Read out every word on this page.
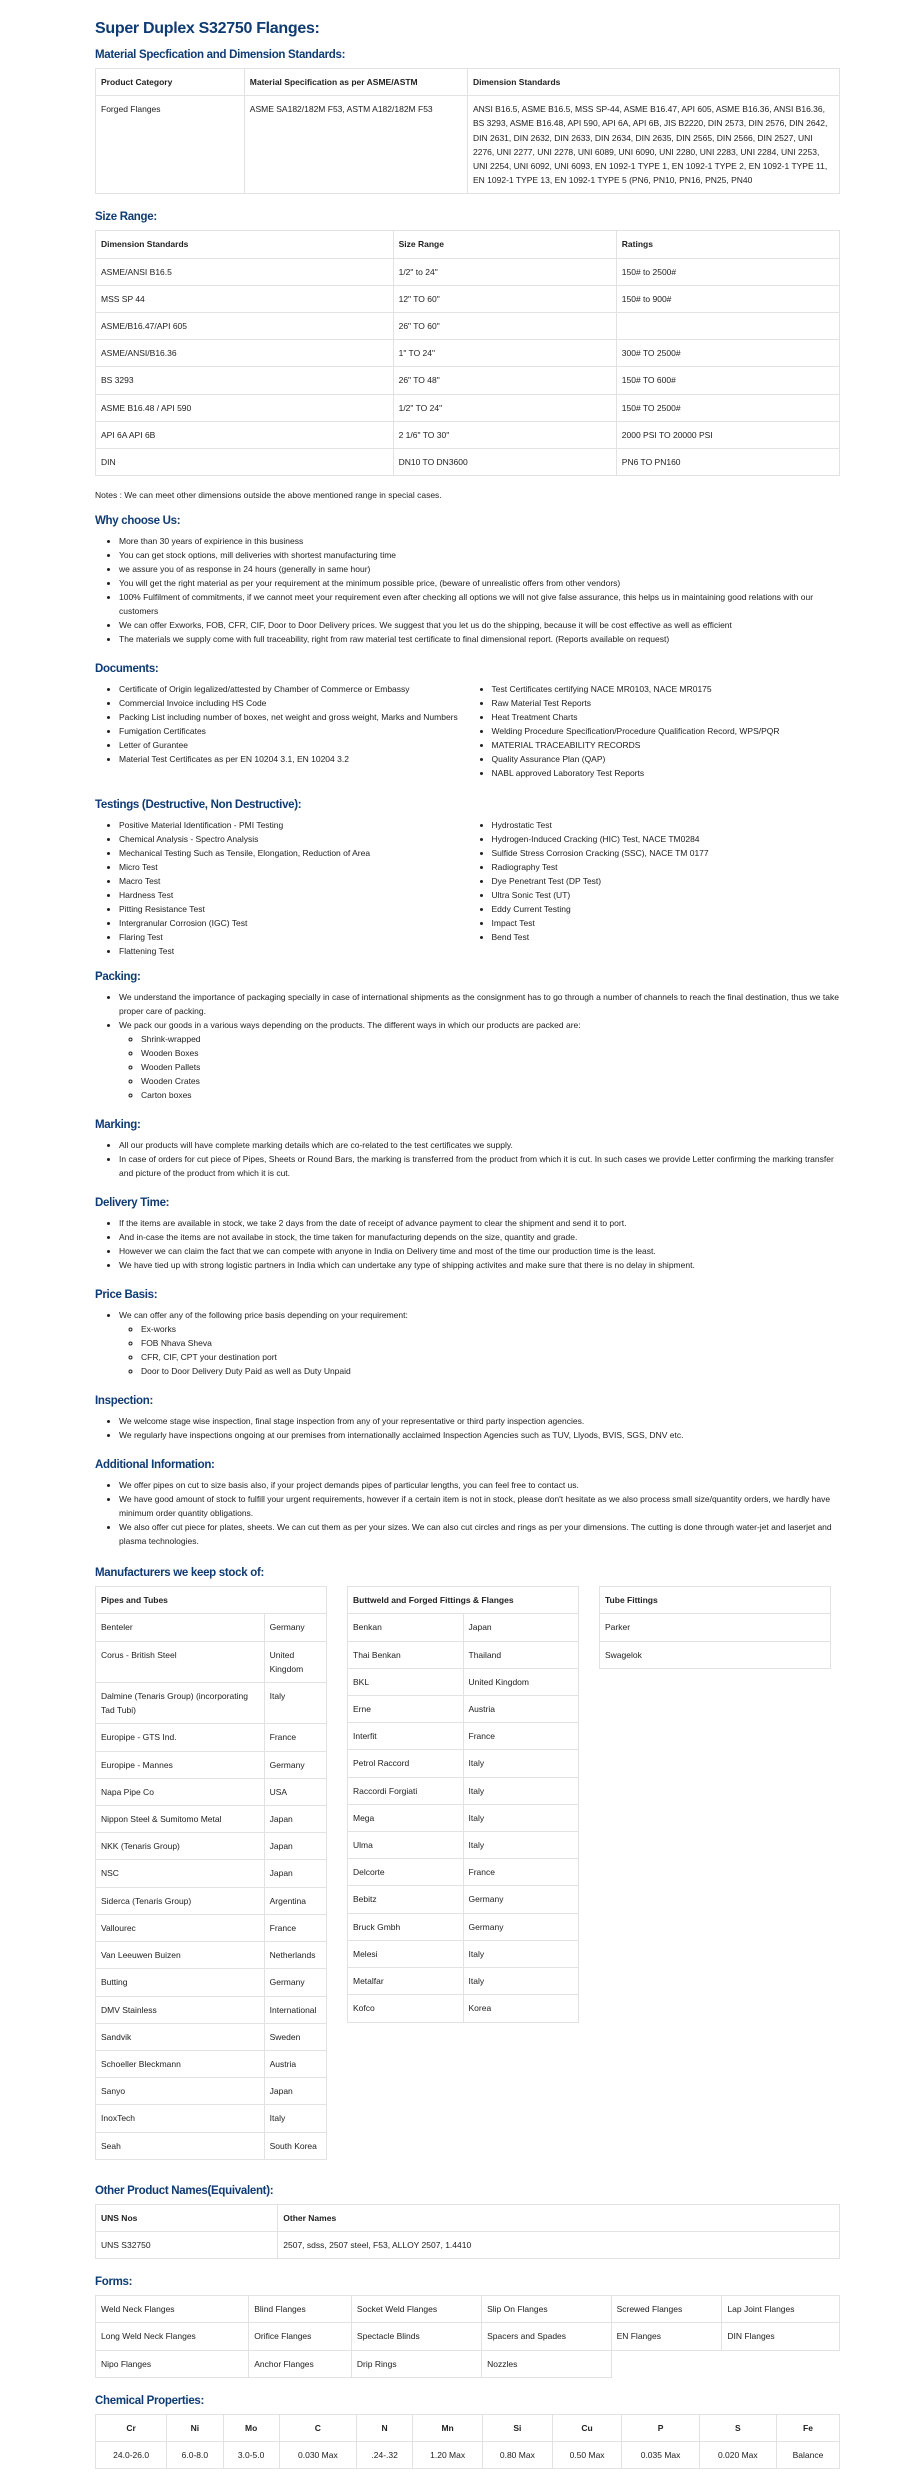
Super Duplex S32750 Flanges:
Material Specfication and Dimension Standards:
Product Category	Material Specification as per ASME/ASTM	Dimension Standards
Forged Flanges	ASME SA182/182M F53, ASTM A182/182M F53	ANSI B16.5, ASME B16.5, MSS SP-44, ASME B16.47, API 605, ASME B16.36, ANSI B16.36, BS 3293, ASME B16.48, API 590, API 6A, API 6B, JIS B2220, DIN 2573, DIN 2576, DIN 2642, DIN 2631, DIN 2632, DIN 2633, DIN 2634, DIN 2635, DIN 2565, DIN 2566, DIN 2527, UNI 2276, UNI 2277, UNI 2278, UNI 6089, UNI 6090, UNI 2280, UNI 2283, UNI 2284, UNI 2253, UNI 2254, UNI 6092, UNI 6093, EN 1092-1 TYPE 1, EN 1092-1 TYPE 2, EN 1092-1 TYPE 11, EN 1092-1 TYPE 13, EN 1092-1 TYPE 5 (PN6, PN10, PN16, PN25, PN40
Size Range:
Dimension Standards	Size Range	Ratings
ASME/ANSI B16.5	1/2" to 24"	150# to 2500#
MSS SP 44	12" TO 60"	150# to 900#
ASME/B16.47/API 605	26" TO 60"	
ASME/ANSI/B16.36	1" TO 24"	300# TO 2500#
BS 3293	26" TO 48"	150# TO 600#
ASME B16.48 / API 590	1/2" TO 24"	150# TO 2500#
API 6A API 6B	2 1/6" TO 30"	2000 PSI TO 20000 PSI
DIN	DN10 TO DN3600	PN6 TO PN160

Notes : We can meet other dimensions outside the above mentioned range in special cases.

Why choose Us:
• More than 30 years of expirience in this business
• You can get stock options, mill deliveries with shortest manufacturing time
• we assure you of as response in 24 hours (generally in same hour)
• You will get the right material as per your requirement at the minimum possible price, (beware of unrealistic offers from other vendors)
• 100% Fulfilment of commitments, if we cannot meet your requirement even after checking all options we will not give false assurance, this helps us in maintaining good relations with our customers
• We can offer Exworks, FOB, CFR, CIF, Door to Door Delivery prices. We suggest that you let us do the shipping, because it will be cost effective as well as efficient
• The materials we supply come with full traceability, right from raw material test certificate to final dimensional report. (Reports available on request)
Documents:
• Certificate of Origin legalized/attested by Chamber of Commerce or Embassy
• Commercial Invoice including HS Code
• Packing List including number of boxes, net weight and gross weight, Marks and Numbers
• Fumigation Certificates
• Letter of Gurantee
• Material Test Certificates as per EN 10204 3.1, EN 10204 3.2
• Test Certificates certifying NACE MR0103, NACE MR0175
• Raw Material Test Reports
• Heat Treatment Charts
• Welding Procedure Specification/Procedure Qualification Record, WPS/PQR
• MATERIAL TRACEABILITY RECORDS
• Quality Assurance Plan (QAP)
• NABL approved Laboratory Test Reports
Testings (Destructive, Non Destructive):
• Positive Material Identification - PMI Testing
• Chemical Analysis - Spectro Analysis
• Mechanical Testing Such as Tensile, Elongation, Reduction of Area
• Micro Test
• Macro Test
• Hardness Test
• Pitting Resistance Test
• Intergranular Corrosion (IGC) Test
• Flaring Test
• Flattening Test
• Hydrostatic Test
• Hydrogen-Induced Cracking (HIC) Test, NACE TM0284
• Sulfide Stress Corrosion Cracking (SSC), NACE TM 0177
• Radiography Test
• Dye Penetrant Test (DP Test)
• Ultra Sonic Test (UT)
• Eddy Current Testing
• Impact Test
• Bend Test
Packing:
• We understand the importance of packaging specially in case of international shipments as the consignment has to go through a number of channels to reach the final destination, thus we take proper care of packing.
• We pack our goods in a various ways depending on the products. The different ways in which our products are packed are:
◦ Shrink-wrapped
◦ Wooden Boxes
◦ Wooden Pallets
◦ Wooden Crates
◦ Carton boxes
Marking:
• All our products will have complete marking details which are co-related to the test certificates we supply.
• In case of orders for cut piece of Pipes, Sheets or Round Bars, the marking is transferred from the product from which it is cut. In such cases we provide Letter confirming the marking transfer and picture of the product from which it is cut.
Delivery Time:
• If the items are available in stock, we take 2 days from the date of receipt of advance payment to clear the shipment and send it to port.
• And in-case the items are not availabe in stock, the time taken for manufacturing depends on the size, quantity and grade.
• However we can claim the fact that we can compete with anyone in India on Delivery time and most of the time our production time is the least.
• We have tied up with strong logistic partners in India which can undertake any type of shipping activites and make sure that there is no delay in shipment.
Price Basis:
• We can offer any of the following price basis depending on your requirement:
◦ Ex-works
◦ FOB Nhava Sheva
◦ CFR, CIF, CPT your destination port
◦ Door to Door Delivery Duty Paid as well as Duty Unpaid
Inspection:
• We welcome stage wise inspection, final stage inspection from any of your representative or third party inspection agencies.
• We regularly have inspections ongoing at our premises from internationally acclaimed Inspection Agencies such as TUV, Llyods, BVIS, SGS, DNV etc.
Additional Information:
• We offer pipes on cut to size basis also, if your project demands pipes of particular lengths, you can feel free to contact us.
• We have good amount of stock to fulfill your urgent requirements, however if a certain item is not in stock, please don't hesitate as we also process small size/quantity orders, we hardly have minimum order quantity obligations.
• We also offer cut piece for plates, sheets. We can cut them as per your sizes. We can also cut circles and rings as per your dimensions. The cutting is done through water-jet and laserjet and plasma technologies.
Manufacturers we keep stock of:
Pipes and Tubes	
Benteler	Germany
Corus - British Steel	United Kingdom
Dalmine (Tenaris Group) (incorporating Tad Tubi)	Italy
Europipe - GTS Ind.	France
Europipe - Mannes	Germany
Napa Pipe Co	USA
Nippon Steel & Sumitomo Metal	Japan
NKK (Tenaris Group)	Japan
NSC	Japan
Siderca (Tenaris Group)	Argentina
Vallourec	France
Van Leeuwen Buizen	Netherlands
Butting	Germany
DMV Stainless	International
Sandvik	Sweden
Schoeller Bleckmann	Austria
Sanyo	Japan
InoxTech	Italy
Seah	South Korea
Buttweld and Forged Fittings & Flanges	
Benkan	Japan
Thai Benkan	Thailand
BKL	United Kingdom
Erne	Austria
Interfit	France
Petrol Raccord	Italy
Raccordi Forgiati	Italy
Mega	Italy
Ulma	Italy
Delcorte	France
Bebitz	Germany
Bruck Gmbh	Germany
Melesi	Italy
Metalfar	Italy
Kofco	Korea
Tube Fittings
Parker
Swagelok
Other Product Names(Equivalent):
UNS Nos	Other Names
UNS S32750	2507, sdss, 2507 steel, F53, ALLOY 2507, 1.4410
Forms:
Weld Neck Flanges	Blind Flanges	Socket Weld Flanges	Slip On Flanges	Screwed Flanges	Lap Joint Flanges
Long Weld Neck Flanges	Orifice Flanges	Spectacle Blinds	Spacers and Spades	EN Flanges	DIN Flanges
Nipo Flanges	Anchor Flanges	Drip Rings	Nozzles		
Chemical Properties:
Cr	Ni	Mo	C	N	Mn	Si	Cu	P	S	Fe
24.0-26.0	6.0-8.0	3.0-5.0	0.030 Max	.24-.32	1.20 Max	0.80 Max	0.50 Max	0.035 Max	0.020 Max	Balance
